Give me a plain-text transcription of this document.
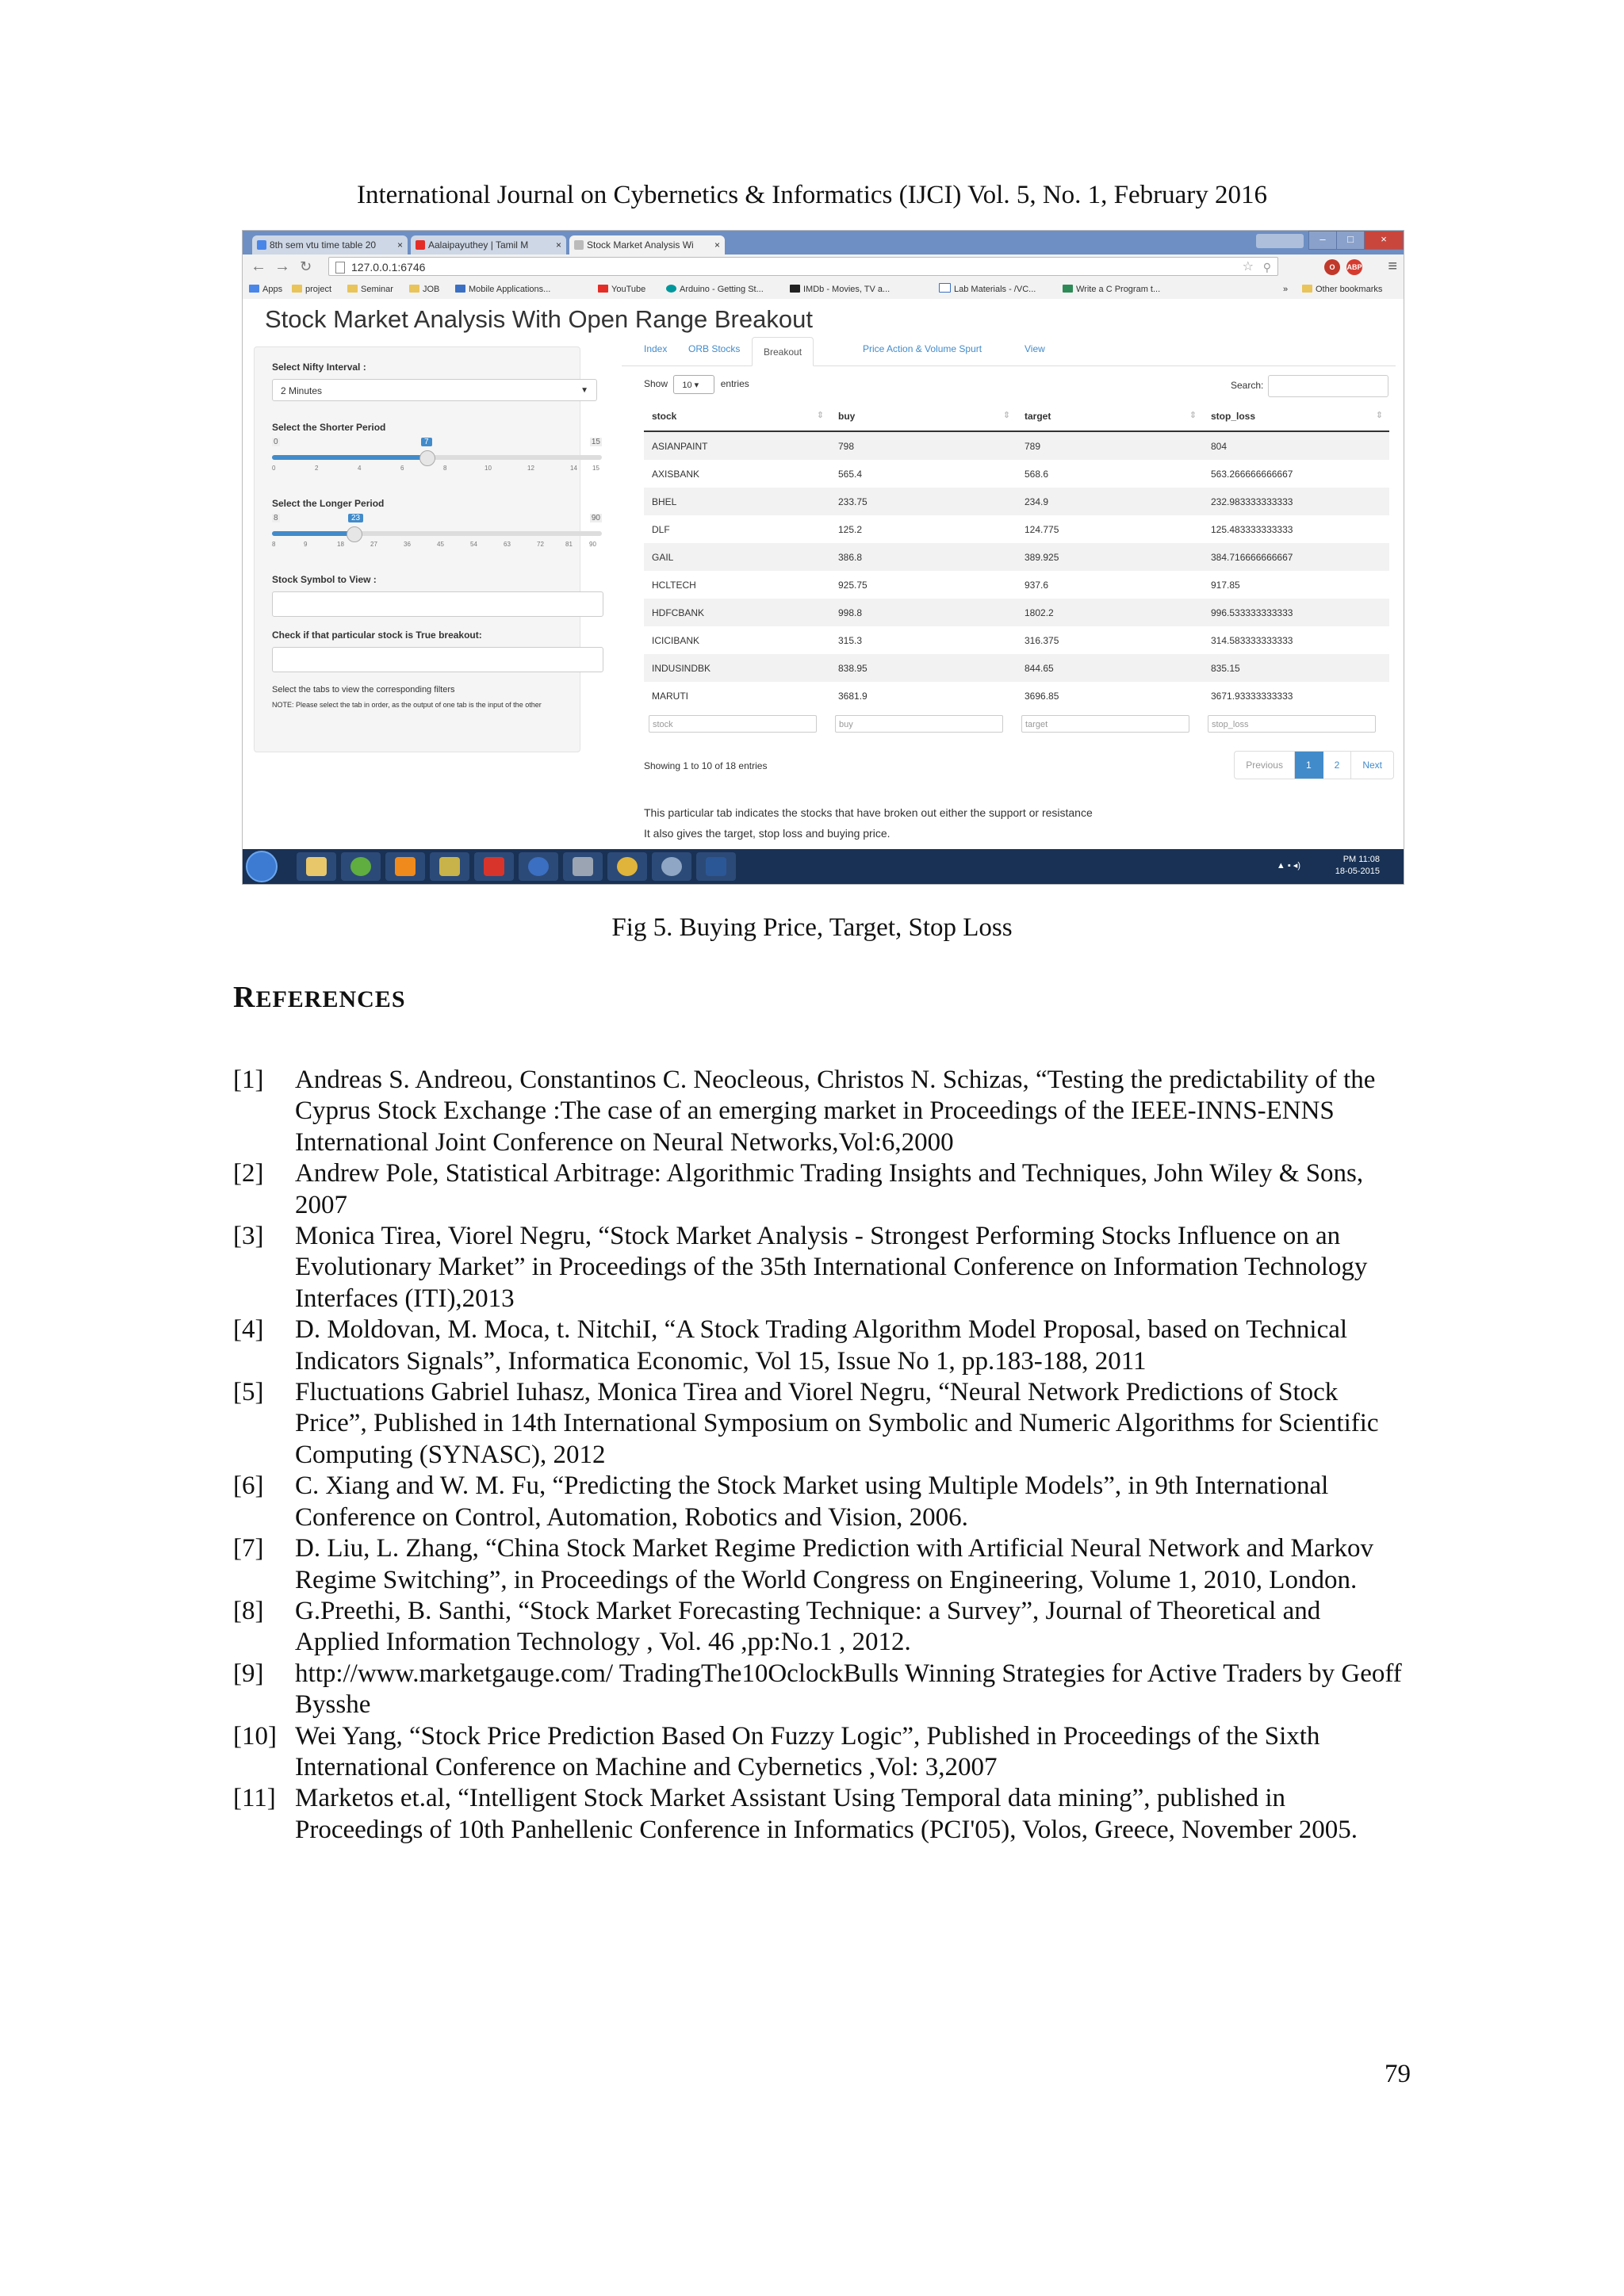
International Journal on Cybernetics & Informatics (IJCI) Vol. 5, No. 1, February 2016
8th sem vtu time table 20 ×	Aalaipayuthey | Tamil M	×	Stock Market Analysis Wi ×	–	□	×
← → ↻	127.0.0.1:6746	☆ ⚲	O	ABP ≡
Apps	project	Seminar	JOB	Mobile Applications...	YouTube	Arduino - Getting St...	IMDb - Movies, TV a...	Lab Materials - /VC...	Write a C Program t...	»	Other bookmarks
Stock Market Analysis With Open Range Breakout
Select Nifty Interval :
2 Minutes	▼
Select the Shorter Period
0	15
7
0	2	4	6	8	10	12	14 15
Select the Longer Period
8	90
23
8	9	18	27	36	45	54	63	72	81	90
Stock Symbol to View :
Check if that particular stock is True breakout:
Select the tabs to view the corresponding filters
NOTE: Please select the tab in order, as the output of one tab is the input of the other
Index ORB Stocks	Breakout	Price Action & Volume Spurt	View
Show 10 ▾ entries	Search:
stock ⇕	buy ⇕	target ⇕	stop_loss ⇕

ASIANPAINT	798	789	804
AXISBANK	565.4	568.6	563.266666666667
BHEL	233.75	234.9	232.983333333333
DLF	125.2	124.775	125.483333333333
GAIL	386.8	389.925	384.716666666667
HCLTECH	925.75	937.6	917.85
HDFCBANK	998.8	1802.2	996.533333333333
ICICIBANK	315.3	316.375	314.583333333333
INDUSINDBK	838.95	844.65	835.15
MARUTI	3681.9	3696.85	3671.93333333333

stock	buy	target	stop_loss
Showing 1 to 10 of 18 entries	Previous	1	2	Next
This particular tab indicates the stocks that have broken out either the support or resistance
It also gives the target, stop loss and buying price.
▲ ▪ ◂)
PM 11:08
18-05-2015
Fig 5. Buying Price, Target, Stop Loss
REFERENCES
[1] Andreas S. Andreou, Constantinos C. Neocleous, Christos N. Schizas, “Testing the predictability of the Cyprus Stock Exchange :The case of an emerging market in Proceedings of the IEEE-INNS-ENNS International Joint Conference on Neural Networks,Vol:6,2000
[2] Andrew Pole, Statistical Arbitrage: Algorithmic Trading Insights and Techniques, John Wiley & Sons, 2007
[3] Monica Tirea, Viorel Negru, “Stock Market Analysis - Strongest Performing Stocks Influence on an Evolutionary Market” in Proceedings of the 35th International Conference on Information Technology Interfaces (ITI),2013
[4] D. Moldovan, M. Moca, t. NitchiI, “A Stock Trading Algorithm Model Proposal, based on Technical Indicators Signals”, Informatica Economic, Vol 15, Issue No 1, pp.183-188, 2011
[5] Fluctuations Gabriel Iuhasz, Monica Tirea and Viorel Negru, “Neural Network Predictions of Stock Price”, Published in 14th International Symposium on Symbolic and Numeric Algorithms for Scientific Computing (SYNASC), 2012
[6] C. Xiang and W. M. Fu, “Predicting the Stock Market using Multiple Models”, in 9th International Conference on Control, Automation, Robotics and Vision, 2006.
[7] D. Liu, L. Zhang, “China Stock Market Regime Prediction with Artificial Neural Network and Markov Regime Switching”, in Proceedings of the World Congress on Engineering, Volume 1, 2010, London.
[8] G.Preethi, B. Santhi, “Stock Market Forecasting Technique: a Survey”, Journal of Theoretical and Applied Information Technology , Vol. 46 ,pp:No.1 , 2012.
[9] http://www.marketgauge.com/ TradingThe10OclockBulls Winning Strategies for Active Traders by Geoff Bysshe
[10] Wei Yang, “Stock Price Prediction Based On Fuzzy Logic”, Published in Proceedings of the Sixth International Conference on Machine and Cybernetics ,Vol: 3,2007
[11] Marketos et.al, “Intelligent Stock Market Assistant Using Temporal data mining”, published in Proceedings of 10th Panhellenic Conference in Informatics (PCI'05), Volos, Greece, November 2005.
79
